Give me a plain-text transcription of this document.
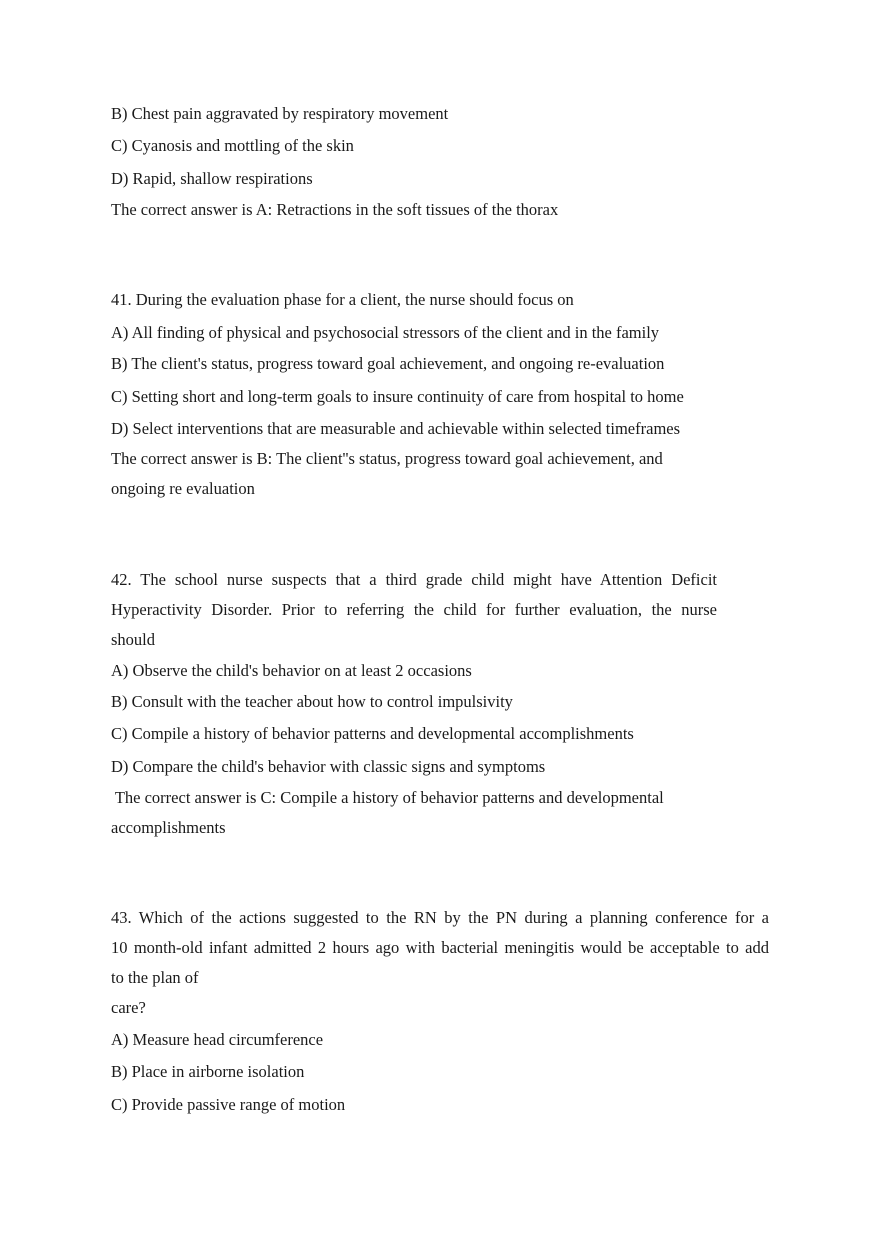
B) Chest pain aggravated by respiratory movement
C) Cyanosis and mottling of the skin
D) Rapid, shallow respirations
The correct answer is A: Retractions in the soft tissues of the thorax
41. During the evaluation phase for a client, the nurse should focus on
A) All finding of physical and psychosocial stressors of the client and in the family
B) The client's status, progress toward goal achievement, and ongoing re-evaluation
C) Setting short and long-term goals to insure continuity of care from hospital to home
D) Select interventions that are measurable and achievable within selected timeframes
The correct answer is B: The client''s status, progress toward goal achievement, and
ongoing re evaluation
42. The school nurse suspects that a third grade child might have Attention Deficit
Hyperactivity Disorder. Prior to referring the child for further evaluation, the nurse
should
A) Observe the child's behavior on at least 2 occasions
B) Consult with the teacher about how to control impulsivity
C) Compile a history of behavior patterns and developmental accomplishments
D) Compare the child's behavior with classic signs and symptoms
The correct answer is C: Compile a history of behavior patterns and developmental
accomplishments
43. Which of the actions suggested to the RN by the PN during a planning conference for a
10 month-old infant admitted 2 hours ago with bacterial meningitis would be acceptable to add
to the plan of
care?
A) Measure head circumference
B) Place in airborne isolation
C) Provide passive range of motion
